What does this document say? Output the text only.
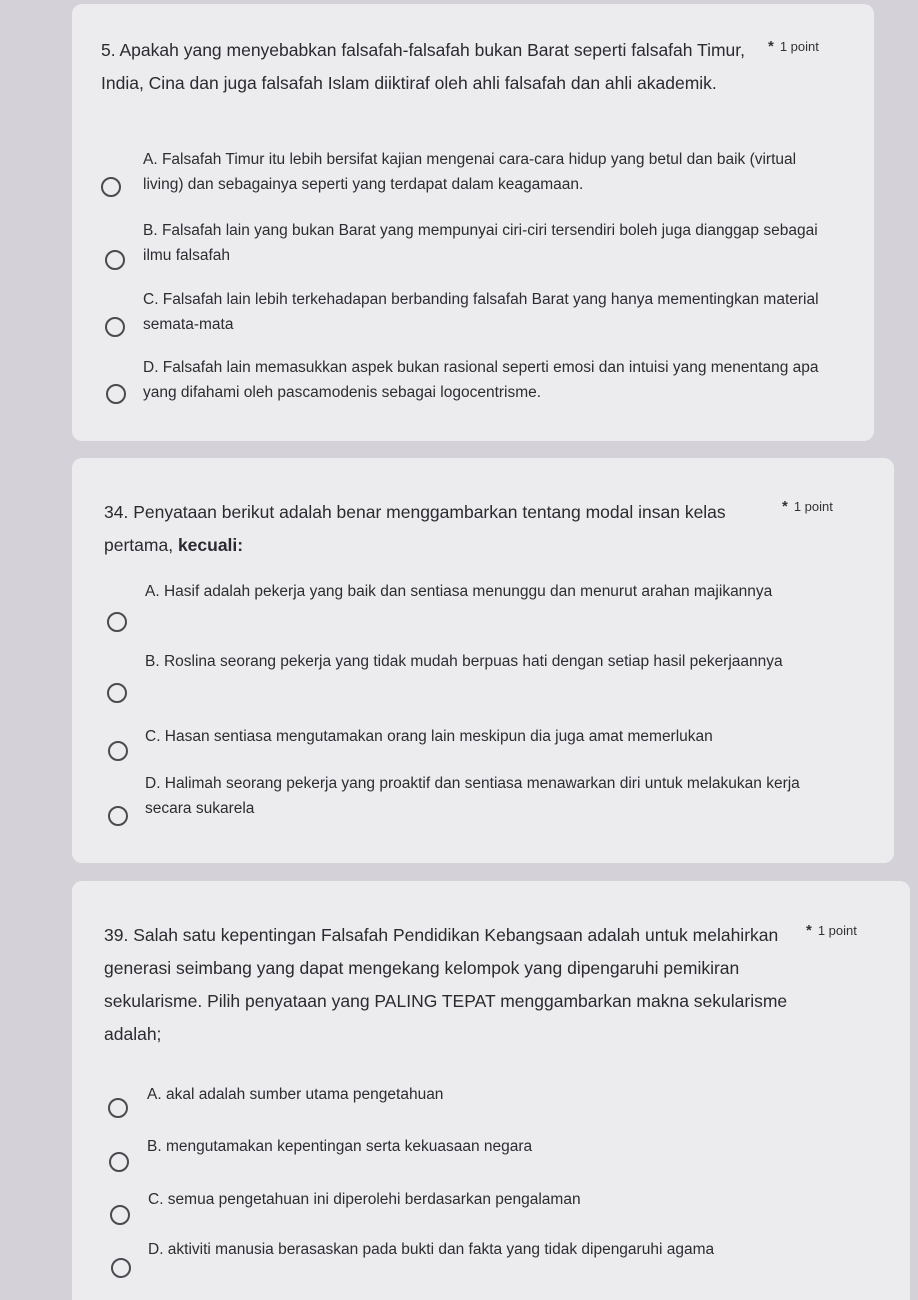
5. Apakah yang menyebabkan falsafah-falsafah bukan Barat seperti falsafah Timur, India, Cina dan juga falsafah Islam diiktiraf oleh ahli falsafah dan ahli akademik.
* 1 point
A. Falsafah Timur itu lebih bersifat kajian mengenai cara-cara hidup yang betul dan baik (virtual living) dan sebagainya seperti yang terdapat dalam keagamaan.
B. Falsafah lain yang bukan Barat yang mempunyai ciri-ciri tersendiri boleh juga dianggap sebagai ilmu falsafah
C. Falsafah lain lebih terkehadapan berbanding falsafah Barat yang hanya mementingkan material semata-mata
D. Falsafah lain memasukkan aspek bukan rasional seperti emosi dan intuisi yang menentang apa yang difahami oleh pascamodenis sebagai logocentrisme.
34. Penyataan berikut adalah benar menggambarkan tentang modal insan kelas pertama, kecuali:
* 1 point
A. Hasif adalah pekerja yang baik dan sentiasa menunggu dan menurut arahan majikannya
B. Roslina seorang pekerja yang tidak mudah berpuas hati dengan setiap hasil pekerjaannya
C. Hasan sentiasa mengutamakan orang lain meskipun dia juga amat memerlukan
D. Halimah seorang pekerja yang proaktif dan sentiasa menawarkan diri untuk melakukan kerja secara sukarela
39. Salah satu kepentingan Falsafah Pendidikan Kebangsaan adalah untuk melahirkan generasi seimbang yang dapat mengekang kelompok yang dipengaruhi pemikiran sekularisme. Pilih penyataan yang PALING TEPAT menggambarkan makna sekularisme adalah;
* 1 point
A. akal adalah sumber utama pengetahuan
B. mengutamakan kepentingan serta kekuasaan negara
C. semua pengetahuan ini diperolehi berdasarkan pengalaman
D. aktiviti manusia berasaskan pada bukti dan fakta yang tidak dipengaruhi agama
